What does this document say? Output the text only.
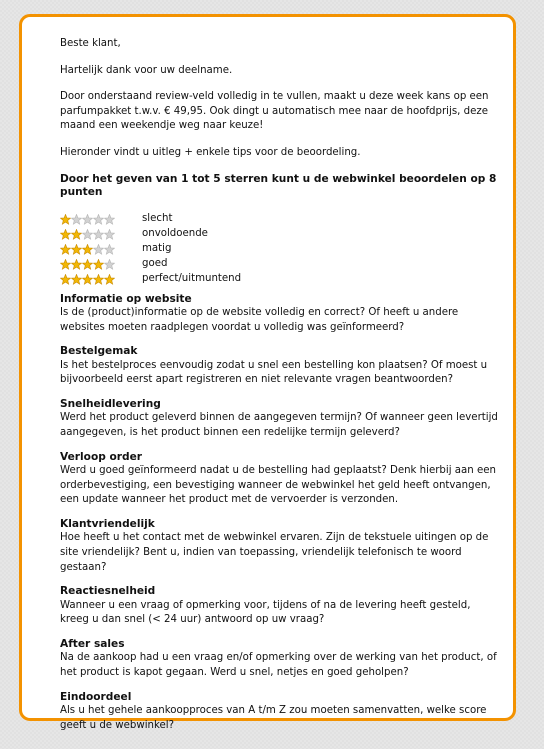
Beste klant,

Hartelijk dank voor uw deelname.

Door onderstaand review-veld volledig in te vullen, maakt u deze week kans op een parfumpakket t.w.v. € 49,95. Ook dingt u automatisch mee naar de hoofdprijs, deze maand een weekendje weg naar keuze!

Hieronder vindt u uitleg + enkele tips voor de beoordeling.

Door het geven van 1 tot 5 sterren kunt u de webwinkel beoordelen op 8 punten
slecht
onvoldoende
matig
goed
perfect/uitmuntend
Informatie op website
Is de (product)informatie op de website volledig en correct? Of heeft u andere websites moeten raadplegen voordat u volledig was geïnformeerd?
Bestelgemak
Is het bestelproces eenvoudig zodat u snel een bestelling kon plaatsen? Of moest u bijvoorbeeld eerst apart registreren en niet relevante vragen beantwoorden?
Snelheidlevering
Werd het product geleverd binnen de aangegeven termijn? Of wanneer geen levertijd aangegeven, is het product binnen een redelijke termijn geleverd?
Verloop order
Werd u goed geïnformeerd nadat u de bestelling had geplaatst? Denk hierbij aan een orderbevestiging, een bevestiging wanneer de webwinkel het geld heeft ontvangen, een update wanneer het product met de vervoerder is verzonden.
Klantvriendelijk
Hoe heeft u het contact met de webwinkel ervaren. Zijn de tekstuele uitingen op de site vriendelijk? Bent u, indien van toepassing, vriendelijk telefonisch te woord gestaan?
Reactiesnelheid
Wanneer u een vraag of opmerking voor, tijdens of na de levering heeft gesteld, kreeg u dan snel (< 24 uur) antwoord op uw vraag?
After sales
Na de aankoop had u een vraag en/of opmerking over de werking van het product, of het product is kapot gegaan. Werd u snel, netjes en goed geholpen?
Eindoordeel
Als u het gehele aankoopproces van A t/m Z zou moeten samenvatten, welke score geeft u de webwinkel?
